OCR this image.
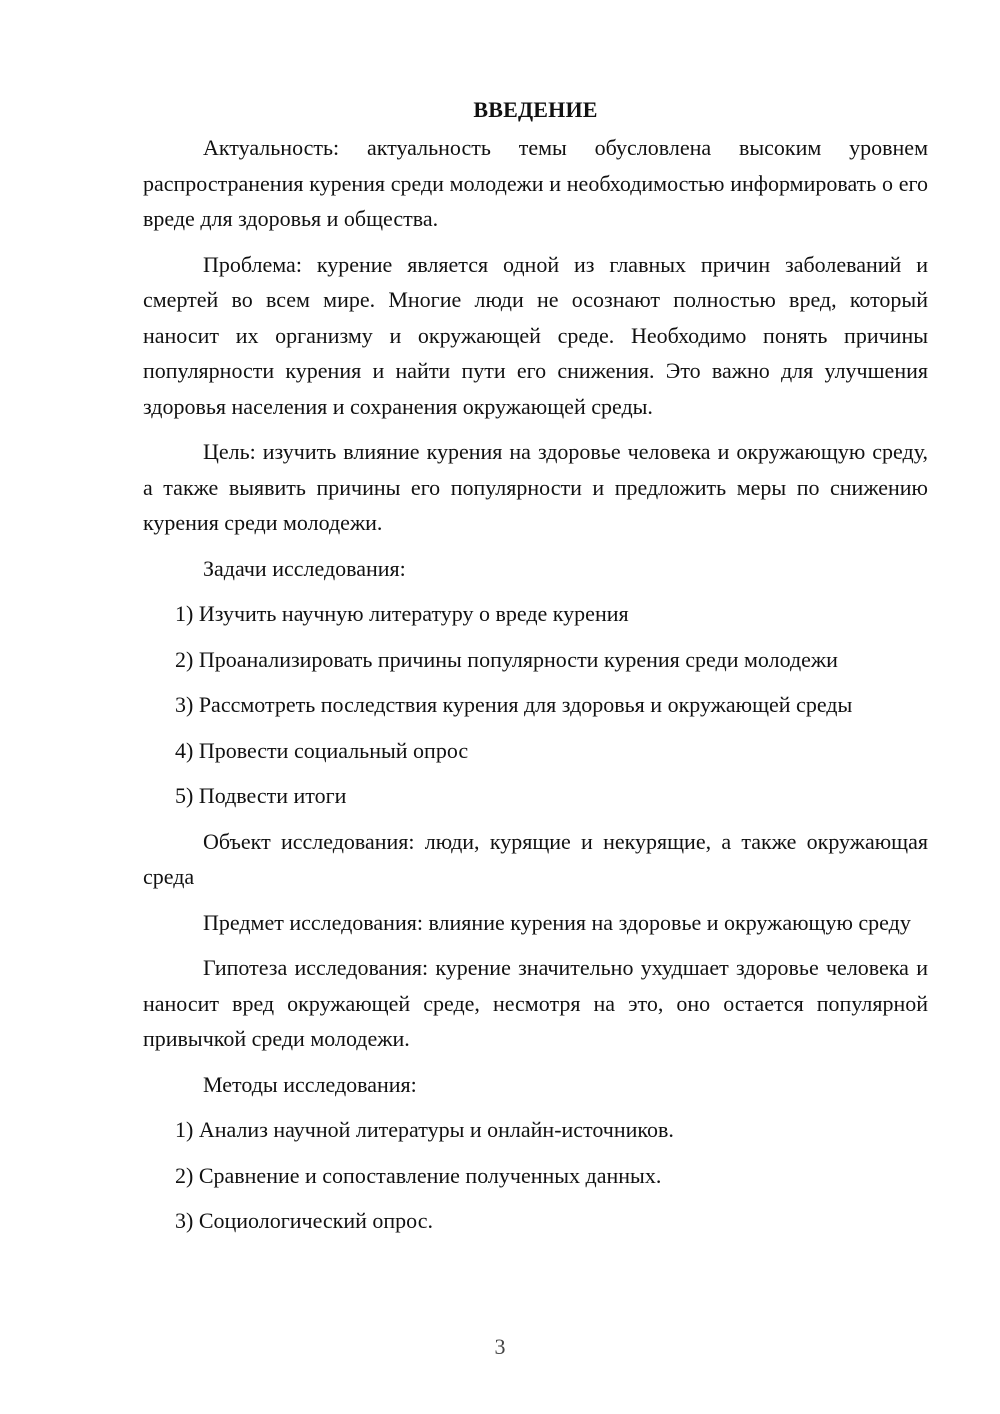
ВВЕДЕНИЕ

Актуальность: актуальность темы обусловлена высоким уровнем распространения курения среди молодежи и необходимостью информировать о его вреде для здоровья и общества.

Проблема: курение является одной из главных причин заболеваний и смертей во всем мире. Многие люди не осознают полностью вред, который наносит их организму и окружающей среде. Необходимо понять причины популярности курения и найти пути его снижения. Это важно для улучшения здоровья населения и сохранения окружающей среды.

Цель: изучить влияние курения на здоровье человека и окружающую среду, а также выявить причины его популярности и предложить меры по снижению курения среди молодежи.

Задачи исследования:

1) Изучить научную литературу о вреде курения

2) Проанализировать причины популярности курения среди молодежи

3) Рассмотреть последствия курения для здоровья и окружающей среды

4) Провести социальный опрос

5) Подвести итоги

Объект исследования: люди, курящие и некурящие, а также окружающая среда

Предмет исследования: влияние курения на здоровье и окружающую среду

Гипотеза исследования: курение значительно ухудшает здоровье человека и наносит вред окружающей среде, несмотря на это, оно остается популярной привычкой среди молодежи.

Методы исследования:

1) Анализ научной литературы и онлайн-источников.

2) Сравнение и сопоставление полученных данных.

3) Социологический опрос.

3
